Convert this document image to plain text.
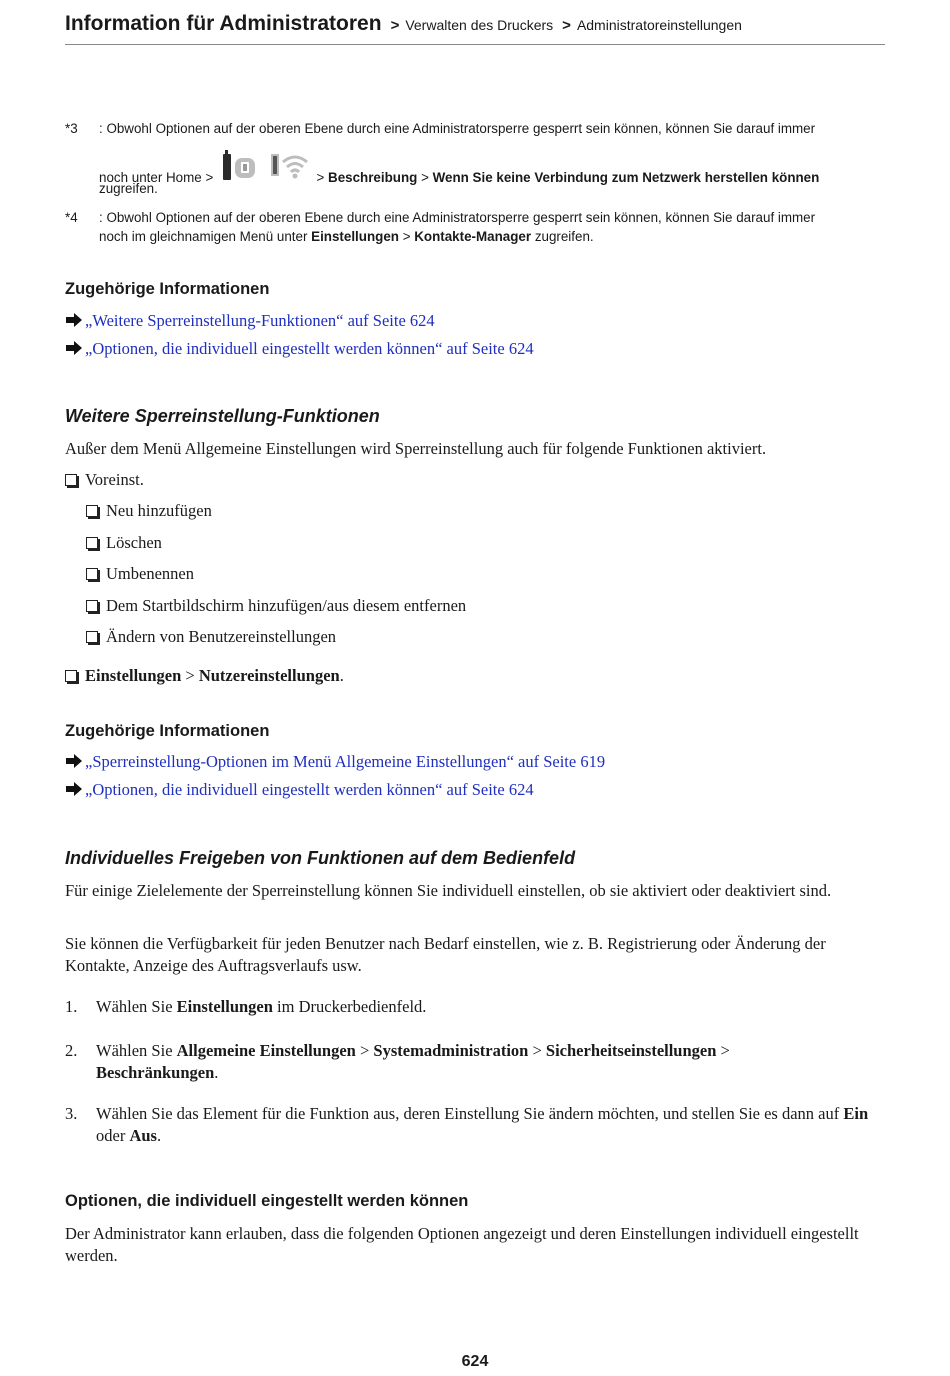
Information für Administratoren > Verwalten des Druckers > Administratoreinstellungen
*3 : Obwohl Optionen auf der oberen Ebene durch eine Administratorsperre gesperrt sein können, können Sie darauf immer
noch unter Home >	> Beschreibung > Wenn Sie keine Verbindung zum Netzwerk herstellen können
zugreifen.
*4 : Obwohl Optionen auf der oberen Ebene durch eine Administratorsperre gesperrt sein können, können Sie darauf immer
noch im gleichnamigen Menü unter Einstellungen > Kontakte-Manager zugreifen.
Zugehörige Informationen
„Weitere Sperreinstellung-Funktionen“ auf Seite 624
„Optionen, die individuell eingestellt werden können“ auf Seite 624
Weitere Sperreinstellung-Funktionen
Außer dem Menü Allgemeine Einstellungen wird Sperreinstellung auch für folgende Funktionen aktiviert.
Voreinst.
Neu hinzufügen
Löschen
Umbenennen
Dem Startbildschirm hinzufügen/aus diesem entfernen
Ändern von Benutzereinstellungen
Einstellungen > Nutzereinstellungen.
Zugehörige Informationen
„Sperreinstellung-Optionen im Menü Allgemeine Einstellungen“ auf Seite 619
„Optionen, die individuell eingestellt werden können“ auf Seite 624
Individuelles Freigeben von Funktionen auf dem Bedienfeld
Für einige Zielelemente der Sperreinstellung können Sie individuell einstellen, ob sie aktiviert oder deaktiviert sind.
Sie können die Verfügbarkeit für jeden Benutzer nach Bedarf einstellen, wie z. B. Registrierung oder Änderung der Kontakte, Anzeige des Auftragsverlaufs usw.
1. Wählen Sie Einstellungen im Druckerbedienfeld.
2. Wählen Sie Allgemeine Einstellungen > Systemadministration > Sicherheitseinstellungen >
Beschränkungen.
3. Wählen Sie das Element für die Funktion aus, deren Einstellung Sie ändern möchten, und stellen Sie es dann auf Ein oder Aus.
Optionen, die individuell eingestellt werden können
Der Administrator kann erlauben, dass die folgenden Optionen angezeigt und deren Einstellungen individuell eingestellt werden.
624
